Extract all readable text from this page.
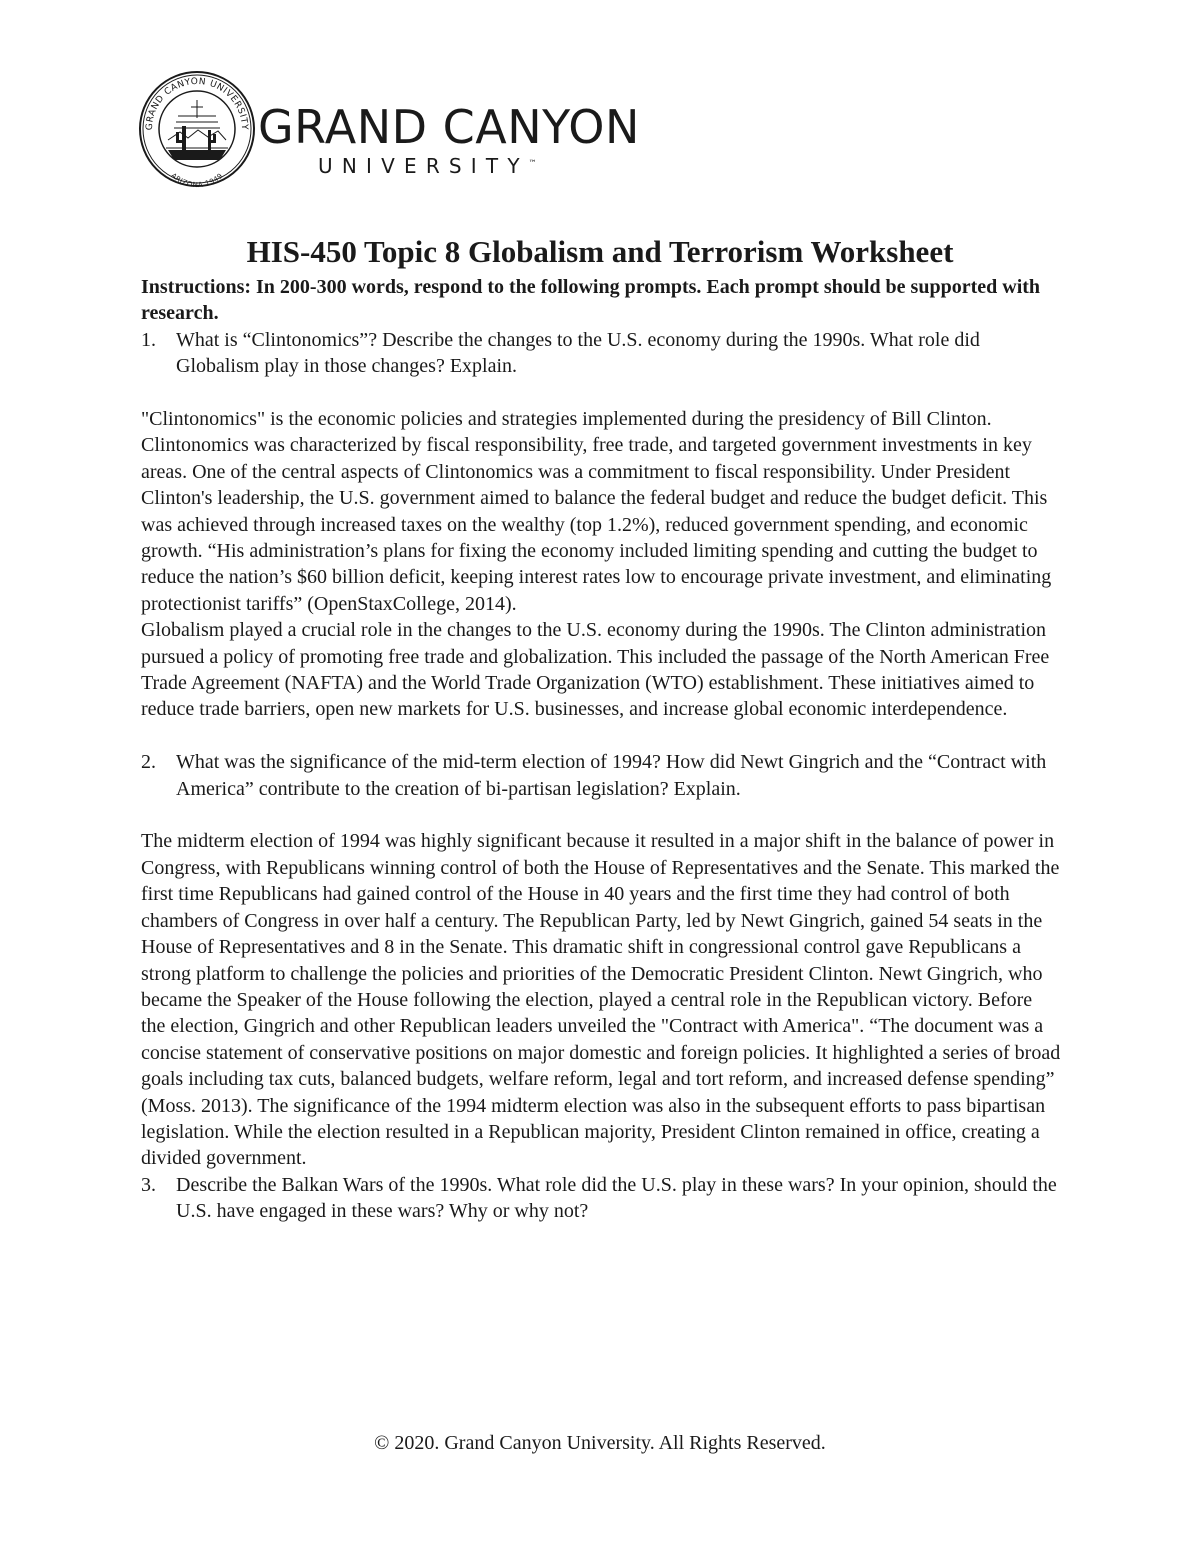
GRAND CANYON UNIVERSITY
ARIZONA 1949
GRAND CANYON
UNIVERSITY™
HIS-450 Topic 8 Globalism and Terrorism Worksheet

Instructions: In 200-300 words, respond to the following prompts. Each prompt should be supported with research.

1. What is “Clintonomics”? Describe the changes to the U.S. economy during the 1990s. What role did Globalism play in those changes? Explain.

"Clintonomics" is the economic policies and strategies implemented during the presidency of Bill Clinton. Clintonomics was characterized by fiscal responsibility, free trade, and targeted government investments in key areas. One of the central aspects of Clintonomics was a commitment to fiscal responsibility. Under President Clinton's leadership, the U.S. government aimed to balance the federal budget and reduce the budget deficit. This was achieved through increased taxes on the wealthy (top 1.2%), reduced government spending, and economic growth. “His administration’s plans for fixing the economy included limiting spending and cutting the budget to reduce the nation’s $60 billion deficit, keeping interest rates low to encourage private investment, and eliminating protectionist tariffs” (OpenStaxCollege, 2014).

Globalism played a crucial role in the changes to the U.S. economy during the 1990s. The Clinton administration pursued a policy of promoting free trade and globalization. This included the passage of the North American Free Trade Agreement (NAFTA) and the World Trade Organization (WTO) establishment. These initiatives aimed to reduce trade barriers, open new markets for U.S. businesses, and increase global economic interdependence.

2. What was the significance of the mid-term election of 1994? How did Newt Gingrich and the “Contract with America” contribute to the creation of bi-partisan legislation? Explain.

The midterm election of 1994 was highly significant because it resulted in a major shift in the balance of power in Congress, with Republicans winning control of both the House of Representatives and the Senate. This marked the first time Republicans had gained control of the House in 40 years and the first time they had control of both chambers of Congress in over half a century. The Republican Party, led by Newt Gingrich, gained 54 seats in the House of Representatives and 8 in the Senate. This dramatic shift in congressional control gave Republicans a strong platform to challenge the policies and priorities of the Democratic President Clinton. Newt Gingrich, who became the Speaker of the House following the election, played a central role in the Republican victory. Before the election, Gingrich and other Republican leaders unveiled the "Contract with America". “The document was a concise statement of conservative positions on major domestic and foreign policies. It highlighted a series of broad goals including tax cuts, balanced budgets, welfare reform, legal and tort reform, and increased defense spending” (Moss. 2013). The significance of the 1994 midterm election was also in the subsequent efforts to pass bipartisan legislation. While the election resulted in a Republican majority, President Clinton remained in office, creating a divided government.

3. Describe the Balkan Wars of the 1990s. What role did the U.S. play in these wars? In your opinion, should the U.S. have engaged in these wars? Why or why not?
© 2020. Grand Canyon University. All Rights Reserved.
